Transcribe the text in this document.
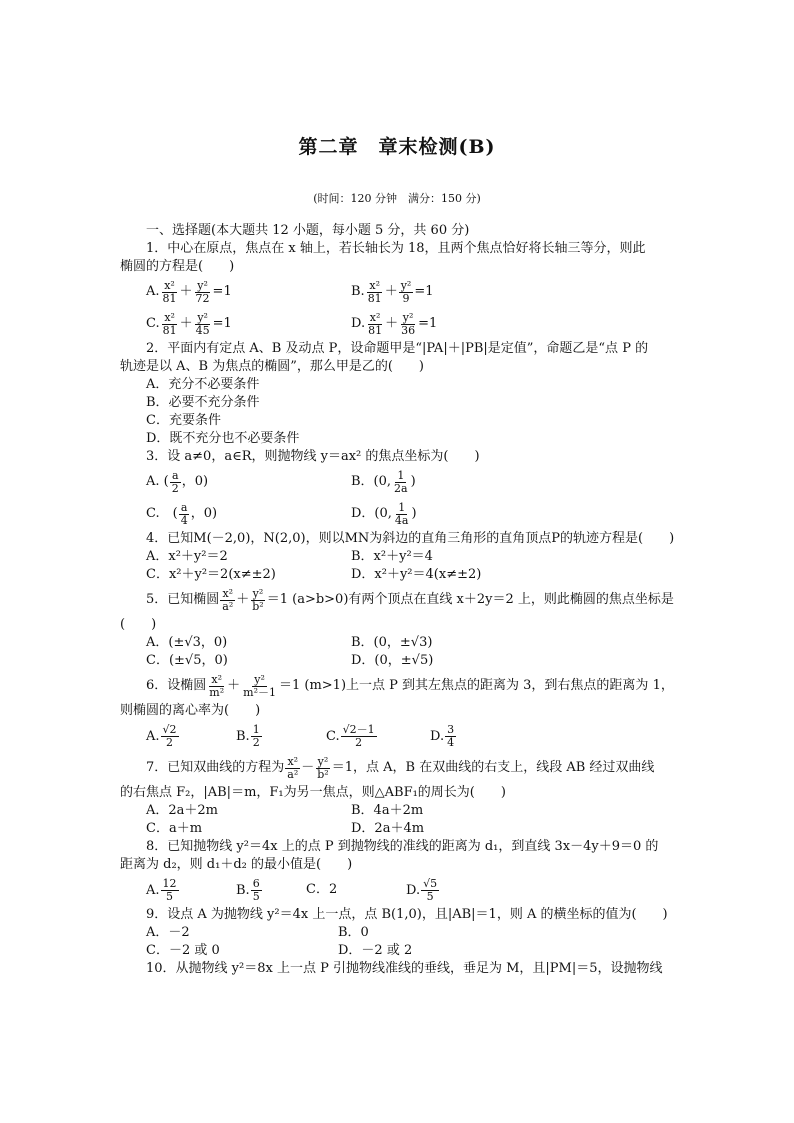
第二章　章末检测(B)
(时间：120 分钟　满分：150 分)
一、选择题(本大题共 12 小题，每小题 5 分，共 60 分)
1．中心在原点，焦点在 x 轴上，若长轴长为 18，且两个焦点恰好将长轴三等分，则此
椭圆的方程是(　　)
A. $\frac{\text{x²}}{81} + \frac{\text{y²}}{72} =1$	B. $\frac{\text{x²}}{81} + \frac{\text{y²}}{9} =1$
C. $\frac{\text{x²}}{81} + \frac{\text{y²}}{45} =1$	D. $\frac{\text{x²}}{81} + \frac{\text{y²}}{36} =1$
2．平面内有定点 A、B 及动点 P，设命题甲是“|PA|＋|PB|是定值”，命题乙是“点 P 的
轨迹是以 A、B 为焦点的椭圆”，那么甲是乙的(　　)
A．充分不必要条件
B．必要不充分条件
C．充要条件
D．既不充分也不必要条件
3．设 a≠0，a∈R，则抛物线 y＝ax² 的焦点坐标为(　　)
A. ( $\frac{a}{2}$ ，0)	B．(0, $\frac{1}{2a}$ )
C.　( $\frac{a}{4}$ ，0)	D．(0, $\frac{1}{4a}$ )
4．已知M(－2,0)，N(2,0)，则以MN为斜边的直角三角形的直角顶点P的轨迹方程是(　　)
A．x²＋y²＝2	B．x²＋y²＝4
C．x²＋y²＝2(x≠±2)	D．x²＋y²＝4(x≠±2)
5．已知椭圆 $\frac{\text{x²}}{\text{a²}} + \frac{\text{y²}}{\text{b²}} =1$ (a>b>0)有两个顶点在直线 x＋2y＝2 上，则此椭圆的焦点坐标是
(　　)
A．(±√3，0)	B．(0，±√3)
C．(±√5，0)	D．(0，±√5)
6．设椭圆 $\frac{\text{x²}}{\text{m²}} + \frac{\text{y²}}{\text{m²－1}} =1$ (m>1)上一点 P 到其左焦点的距离为 3，到右焦点的距离为 1，
则椭圆的离心率为(　　)
A. $\frac{√2}{2}$	B. $\frac{1}{2}$	C. $\frac{√2-1}{2}$	D. $\frac{3}{4}$
7．已知双曲线的方程为 $\frac{\text{x²}}{\text{a²}} - \frac{\text{y²}}{\text{b²}} =1$，点 A，B 在双曲线的右支上，线段 AB 经过双曲线
的右焦点 F₂，|AB|＝m，F₁为另一焦点，则△ABF₁的周长为(　　)
A．2a＋2m	B．4a＋2m
C．a＋m	D．2a＋4m
8．已知抛物线 y²＝4x 上的点 P 到抛物线的准线的距离为 d₁，到直线 3x－4y＋9＝0 的
距离为 d₂，则 d₁＋d₂ 的最小值是(　　)
A. $\frac{12}{5}$	B. $\frac{6}{5}$	C．2	D. $\frac{√5}{5}$
9．设点 A 为抛物线 y²＝4x 上一点，点 B(1,0)，且|AB|＝1，则 A 的横坐标的值为(　　)
A．－2	B．0
C．－2 或 0	D．－2 或 2
10．从抛物线 y²＝8x 上一点 P 引抛物线准线的垂线，垂足为 M，且|PM|＝5，设抛物线
